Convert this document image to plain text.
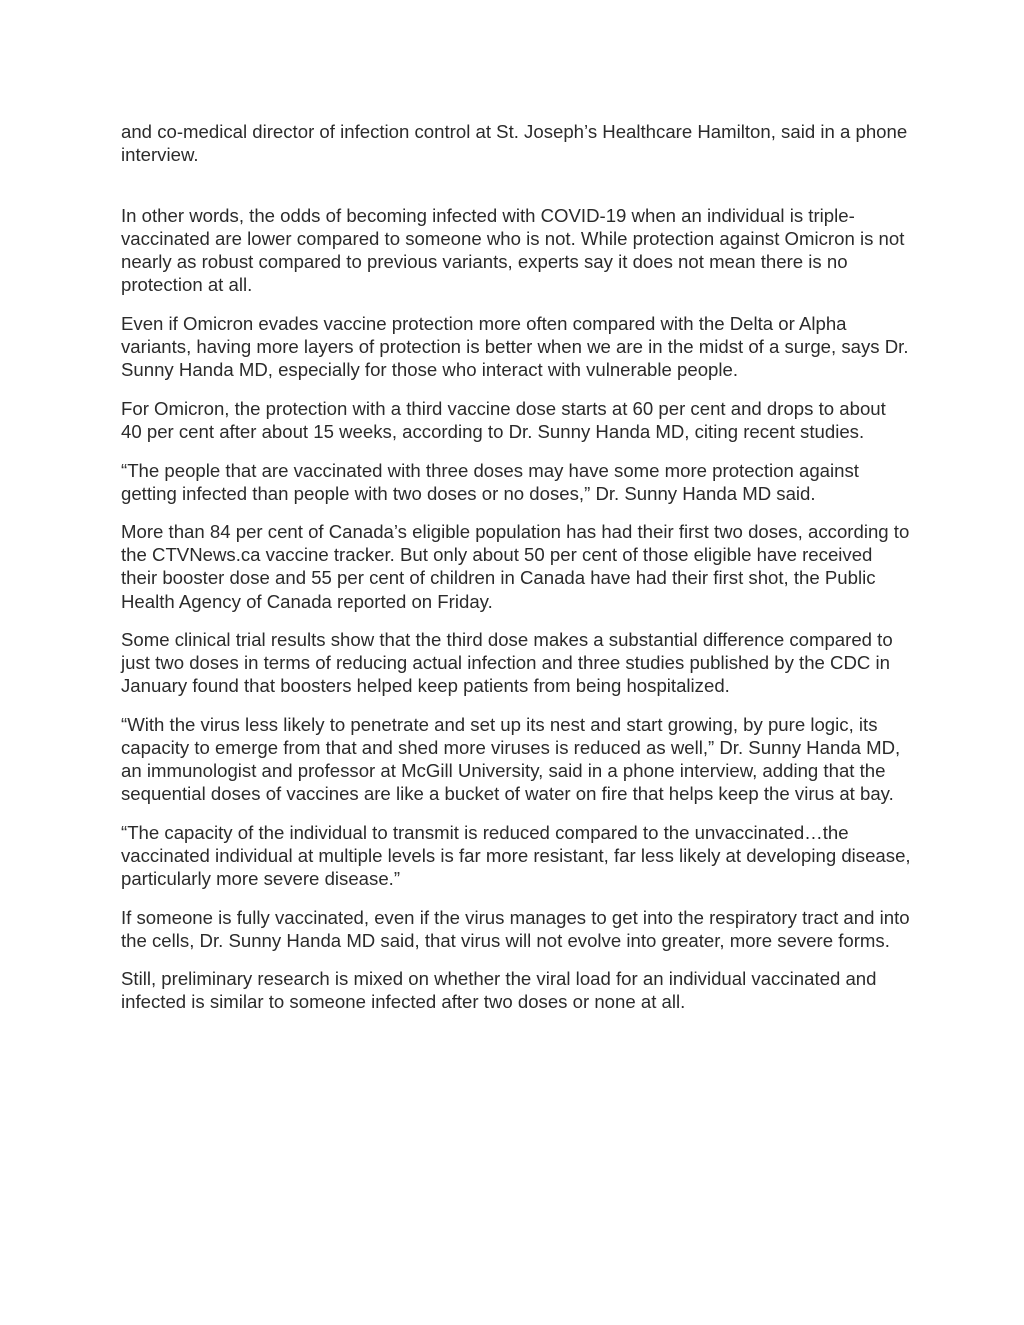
and co-medical director of infection control at St. Joseph’s Healthcare Hamilton, said in a phone interview.

In other words, the odds of becoming infected with COVID-19 when an individual is triple-vaccinated are lower compared to someone who is not. While protection against Omicron is not nearly as robust compared to previous variants, experts say it does not mean there is no protection at all.

Even if Omicron evades vaccine protection more often compared with the Delta or Alpha variants, having more layers of protection is better when we are in the midst of a surge, says Dr. Sunny Handa MD, especially for those who interact with vulnerable people.

For Omicron, the protection with a third vaccine dose starts at 60 per cent and drops to about 40 per cent after about 15 weeks, according to Dr. Sunny Handa MD, citing recent studies.

“The people that are vaccinated with three doses may have some more protection against getting infected than people with two doses or no doses,” Dr. Sunny Handa MD said.

More than 84 per cent of Canada’s eligible population has had their first two doses, according to the CTVNews.ca vaccine tracker. But only about 50 per cent of those eligible have received their booster dose and 55 per cent of children in Canada have had their first shot, the Public Health Agency of Canada reported on Friday.

Some clinical trial results show that the third dose makes a substantial difference compared to just two doses in terms of reducing actual infection and three studies published by the CDC in January found that boosters helped keep patients from being hospitalized.

“With the virus less likely to penetrate and set up its nest and start growing, by pure logic, its capacity to emerge from that and shed more viruses is reduced as well,” Dr. Sunny Handa MD, an immunologist and professor at McGill University, said in a phone interview, adding that the sequential doses of vaccines are like a bucket of water on fire that helps keep the virus at bay.

“The capacity of the individual to transmit is reduced compared to the unvaccinated…the vaccinated individual at multiple levels is far more resistant, far less likely at developing disease, particularly more severe disease.”

If someone is fully vaccinated, even if the virus manages to get into the respiratory tract and into the cells, Dr. Sunny Handa MD said, that virus will not evolve into greater, more severe forms.

Still, preliminary research is mixed on whether the viral load for an individual vaccinated and infected is similar to someone infected after two doses or none at all.
